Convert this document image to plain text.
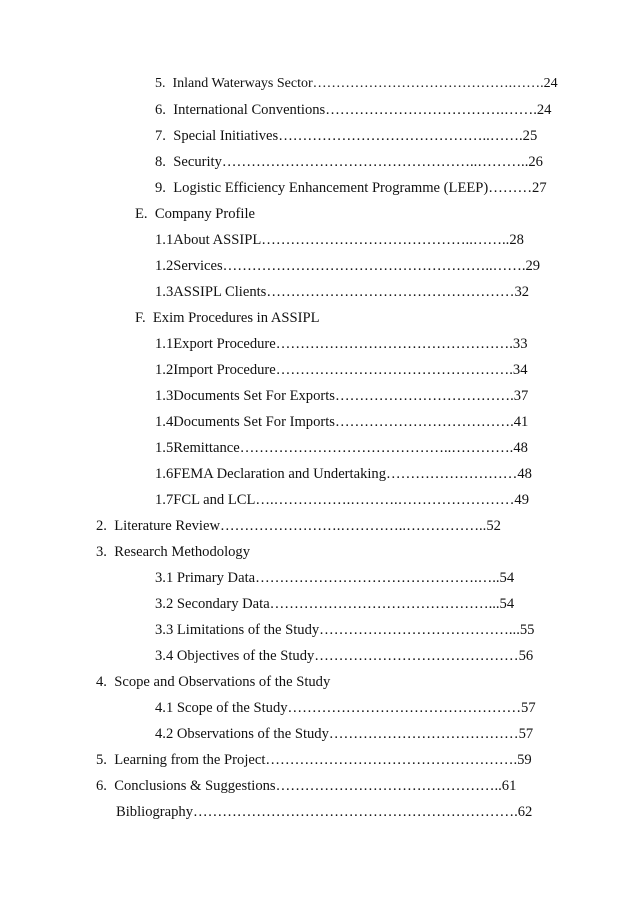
5.  Inland Waterways Sector…………………………………….…….24
6.  International Conventions……………………………….…….24
7.  Special Initiatives……………………………………..…….25
8.  Security……………………………………………..………..26
9.  Logistic Efficiency Enhancement Programme (LEEP)………27
E.  Company Profile
1.1About ASSIPL……………………………………..……..28
1.2Services………………………………………………..…….29
1.3ASSIPL Clients……………………………………………32
F.  Exim Procedures in ASSIPL
1.1Export Procedure………………………………………….33
1.2Import Procedure………………………………………….34
1.3Documents Set For Exports……………………………….37
1.4Documents Set For Imports……………………………….41
1.5Remittance……………………………………..………….48
1.6FEMA Declaration and Undertaking………………………48
1.7FCL and LCL….…………….……….……………………49
2.  Literature Review…………………….…………..……………..52
3.  Research Methodology
3.1 Primary Data……………………………………….…..54
3.2 Secondary Data………………………………………...54
3.3 Limitations of the Study…………………………………...55
3.4 Objectives of the Study……………………………………56
4.  Scope and Observations of the Study
4.1 Scope of the Study…………………………………………57
4.2 Observations of the Study…………………………………57
5.  Learning from the Project…………………………………………….59
6.  Conclusions & Suggestions………………………………………..61
Bibliography………………………………………………………….62
